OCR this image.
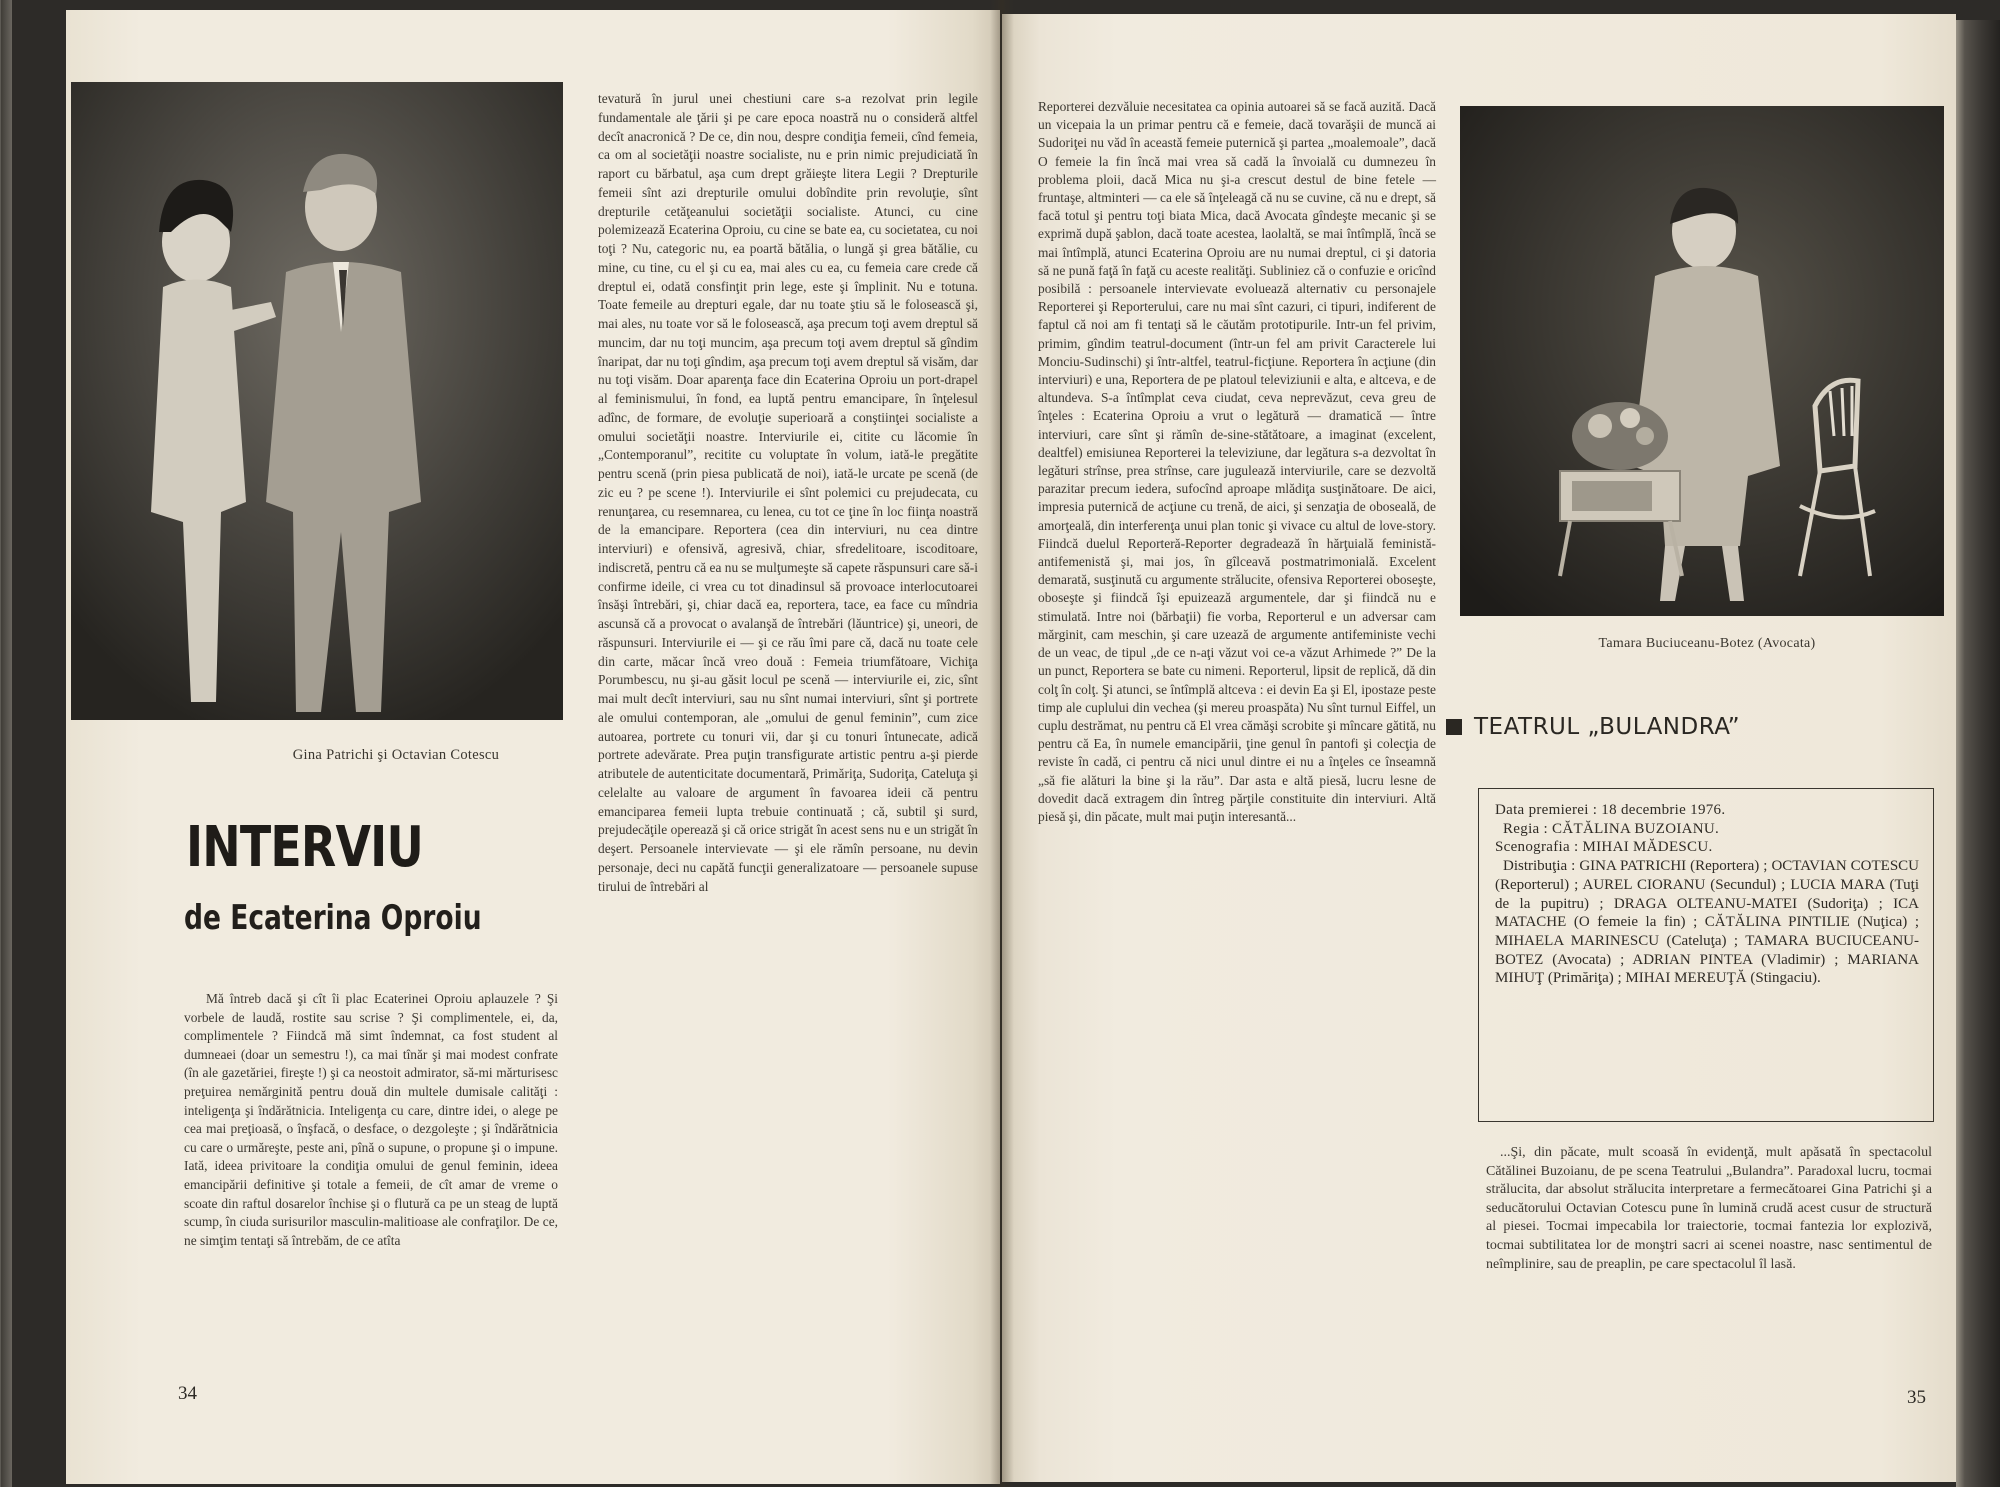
Gina Patrichi şi Octavian Cotescu
INTERVIU
de Ecaterina Oproiu

Mă întreb dacă şi cît îi plac Ecaterinei Oproiu aplauzele ? Şi vorbele de laudă, rostite sau scrise ? Şi complimentele, ei, da, complimentele ? Fiindcă mă simt îndemnat, ca fost student al dumneaei (doar un semestru !), ca mai tînăr şi mai modest confrate (în ale gazetăriei, fireşte !) şi ca neostoit admirator, să-mi mărturisesc preţuirea nemărginită pentru două din multele dumisale calităţi : inteligenţa şi îndărătnicia. Inteligenţa cu care, dintre idei, o alege pe cea mai preţioasă, o înşfacă, o desface, o dezgoleşte ; şi îndărătnicia cu care o urmăreşte, peste ani, pînă o supune, o propune şi o impune. Iată, ideea privitoare la condiţia omului de genul feminin, ideea emancipării definitive şi totale a femeii, de cît amar de vreme o scoate din raftul dosarelor închise şi o flutură ca pe un steag de luptă scump, în ciuda surisurilor masculin-malitioase ale confraţilor. De ce, ne simţim tentaţi să întrebăm, de ce atîta

tevatură în jurul unei chestiuni care s-a rezolvat prin legile fundamentale ale ţării şi pe care epoca noastră nu o consideră altfel decît anacronică ? De ce, din nou, despre condiţia femeii, cînd femeia, ca om al societăţii noastre socialiste, nu e prin nimic prejudiciată în raport cu bărbatul, aşa cum drept grăieşte litera Legii ? Drepturile femeii sînt azi drepturile omului dobîndite prin revoluţie, sînt drepturile cetăţeanului societăţii socialiste. Atunci, cu cine polemizează Ecaterina Oproiu, cu cine se bate ea, cu societatea, cu noi toţi ? Nu, categoric nu, ea poartă bătălia, o lungă şi grea bătălie, cu mine, cu tine, cu el şi cu ea, mai ales cu ea, cu femeia care crede că dreptul ei, odată consfinţit prin lege, este şi împlinit. Nu e totuna. Toate femeile au drepturi egale, dar nu toate ştiu să le folosească şi, mai ales, nu toate vor să le folosească, aşa precum toţi avem dreptul să muncim, dar nu toţi muncim, aşa precum toţi avem dreptul să gîndim înaripat, dar nu toţi gîndim, aşa precum toţi avem dreptul să visăm, dar nu toţi visăm. Doar aparenţa face din Ecaterina Oproiu un port-drapel al feminismului, în fond, ea luptă pentru emancipare, în înţelesul adînc, de formare, de evoluţie superioară a conştiinţei socialiste a omului societăţii noastre. Interviurile ei, citite cu lăcomie în „Contemporanul”, recitite cu voluptate în volum, iată-le pregătite pentru scenă (prin piesa publicată de noi), iată-le urcate pe scenă (de zic eu ? pe scene !). Interviurile ei sînt polemici cu prejudecata, cu renunţarea, cu resemnarea, cu lenea, cu tot ce ţine în loc fiinţa noastră de la emancipare. Reportera (cea din interviuri, nu cea dintre interviuri) e ofensivă, agresivă, chiar, sfredelitoare, iscoditoare, indiscretă, pentru că ea nu se mulţumeşte să capete răspunsuri care să-i confirme ideile, ci vrea cu tot dinadinsul să provoace interlocutoarei însăşi întrebări, şi, chiar dacă ea, reportera, tace, ea face cu mîndria ascunsă că a provocat o avalanşă de întrebări (lăuntrice) şi, uneori, de răspunsuri. Interviurile ei — şi ce rău îmi pare că, dacă nu toate cele din carte, măcar încă vreo două : Femeia triumfătoare, Vichiţa Porumbescu, nu şi-au găsit locul pe scenă — interviurile ei, zic, sînt mai mult decît interviuri, sau nu sînt numai interviuri, sînt şi portrete ale omului contemporan, ale „omului de genul feminin”, cum zice autoarea, portrete cu tonuri vii, dar şi cu tonuri întunecate, adică portrete adevărate. Prea puţin transfigurate artistic pentru a-şi pierde atributele de autenticitate documentară, Primăriţa, Sudoriţa, Cateluţa şi celelalte au valoare de argument în favoarea ideii că pentru emanciparea femeii lupta trebuie continuată ; că, subtil şi surd, prejudecăţile operează şi că orice strigăt în acest sens nu e un strigăt în deşert. Persoanele intervievate — şi ele rămîn persoane, nu devin personaje, deci nu capătă funcţii generalizatoare — persoanele supuse tirului de întrebări al

34

Reporterei dezvăluie necesitatea ca opinia autoarei să se facă auzită. Dacă un vicepaia la un primar pentru că e femeie, dacă tovarăşii de muncă ai Sudoriţei nu văd în această femeie puternică şi partea „moalemoale”, dacă O femeie la fin încă mai vrea să cadă la învoială cu dumnezeu în problema ploii, dacă Mica nu şi-a crescut destul de bine fetele — fruntaşe, altminteri — ca ele să înţeleagă că nu se cuvine, că nu e drept, să facă totul şi pentru toţi biata Mica, dacă Avocata gîndeşte mecanic şi se exprimă după şablon, dacă toate acestea, laolaltă, se mai întîmplă, încă se mai întîmplă, atunci Ecaterina Oproiu are nu numai dreptul, ci şi datoria să ne pună faţă în faţă cu aceste realităţi. Subliniez că o confuzie e oricînd posibilă : persoanele intervievate evoluează alternativ cu personajele Reporterei şi Reporterului, care nu mai sînt cazuri, ci tipuri, indiferent de faptul că noi am fi tentaţi să le căutăm prototipurile. Intr-un fel privim, primim, gîndim teatrul-document (într-un fel am privit Caracterele lui Monciu-Sudinschi) şi într-altfel, teatrul-ficţiune. Reportera în acţiune (din interviuri) e una, Reportera de pe platoul televiziunii e alta, e altceva, e de altundeva. S-a întîmplat ceva ciudat, ceva neprevăzut, ceva greu de înţeles : Ecaterina Oproiu a vrut o legătură — dramatică — între interviuri, care sînt şi rămîn de-sine-stătătoare, a imaginat (excelent, dealtfel) emisiunea Reporterei la televiziune, dar legătura s-a dezvoltat în legături strînse, prea strînse, care jugulează interviurile, care se dezvoltă parazitar precum iedera, sufocînd aproape mlădiţa susţinătoare. De aici, impresia puternică de acţiune cu trenă, de aici, şi senzaţia de oboseală, de amorţeală, din interferenţa unui plan tonic şi vivace cu altul de love-story. Fiindcă duelul Reporteră-Reporter degradează în hărţuială feministă-antifemenistă şi, mai jos, în gîlceavă postmatrimonială. Excelent demarată, susţinută cu argumente strălucite, ofensiva Reporterei oboseşte, oboseşte şi fiindcă îşi epuizează argumentele, dar şi fiindcă nu e stimulată. Intre noi (bărbaţii) fie vorba, Reporterul e un adversar cam mărginit, cam meschin, şi care uzează de argumente antifeministe vechi de un veac, de tipul „de ce n-aţi văzut voi ce-a văzut Arhimede ?” De la un punct, Reportera se bate cu nimeni. Reporterul, lipsit de replică, dă din colţ în colţ. Şi atunci, se întîmplă altceva : ei devin Ea şi El, ipostaze peste timp ale cuplului din vechea (şi mereu proaspăta) Nu sînt turnul Eiffel, un cuplu destrămat, nu pentru că El vrea cămăşi scrobite şi mîncare gătită, nu pentru că Ea, în numele emancipării, ţine genul în pantofi şi colecţia de reviste în cadă, ci pentru că nici unul dintre ei nu a înţeles ce înseamnă „să fie alături la bine şi la rău”. Dar asta e altă piesă, lucru lesne de dovedit dacă extragem din întreg părţile constituite din interviuri. Altă piesă şi, din păcate, mult mai puţin interesantă...

Tamara Buciuceanu-Botez (Avocata)
TEATRUL „BULANDRA”
Data premierei : 18 decembrie 1976.
Regia : CĂTĂLINA BUZOIANU.
Scenografia : MIHAI MĂDESCU.
Distribuţia : GINA PATRICHI (Reportera) ; OCTAVIAN COTESCU (Reporterul) ; AUREL CIORANU (Secundul) ; LUCIA MARA (Tuţi de la pupitru) ; DRAGA OLTEANU-MATEI (Sudoriţa) ; ICA MATACHE (O femeie la fin) ; CĂTĂLINA PINTILIE (Nuţica) ; MIHAELA MARINESCU (Cateluţa) ; TAMARA BUCIUCEANU-BOTEZ (Avocata) ; ADRIAN PINTEA (Vladimir) ; MARIANA MIHUŢ (Primăriţa) ; MIHAI MEREUŢĂ (Stingaciu).

...Şi, din păcate, mult scoasă în evidenţă, mult apăsată în spectacolul Cătălinei Buzoianu, de pe scena Teatrului „Bulandra”. Paradoxal lucru, tocmai strălucita, dar absolut strălucita interpretare a fermecătoarei Gina Patrichi şi a seducătorului Octavian Cotescu pune în lumină crudă acest cusur de structură al piesei. Tocmai impecabila lor traiectorie, tocmai fantezia lor explozivă, tocmai subtilitatea lor de monştri sacri ai scenei noastre, nasc sentimentul de neîmplinire, sau de preaplin, pe care spectacolul îl lasă.

35
